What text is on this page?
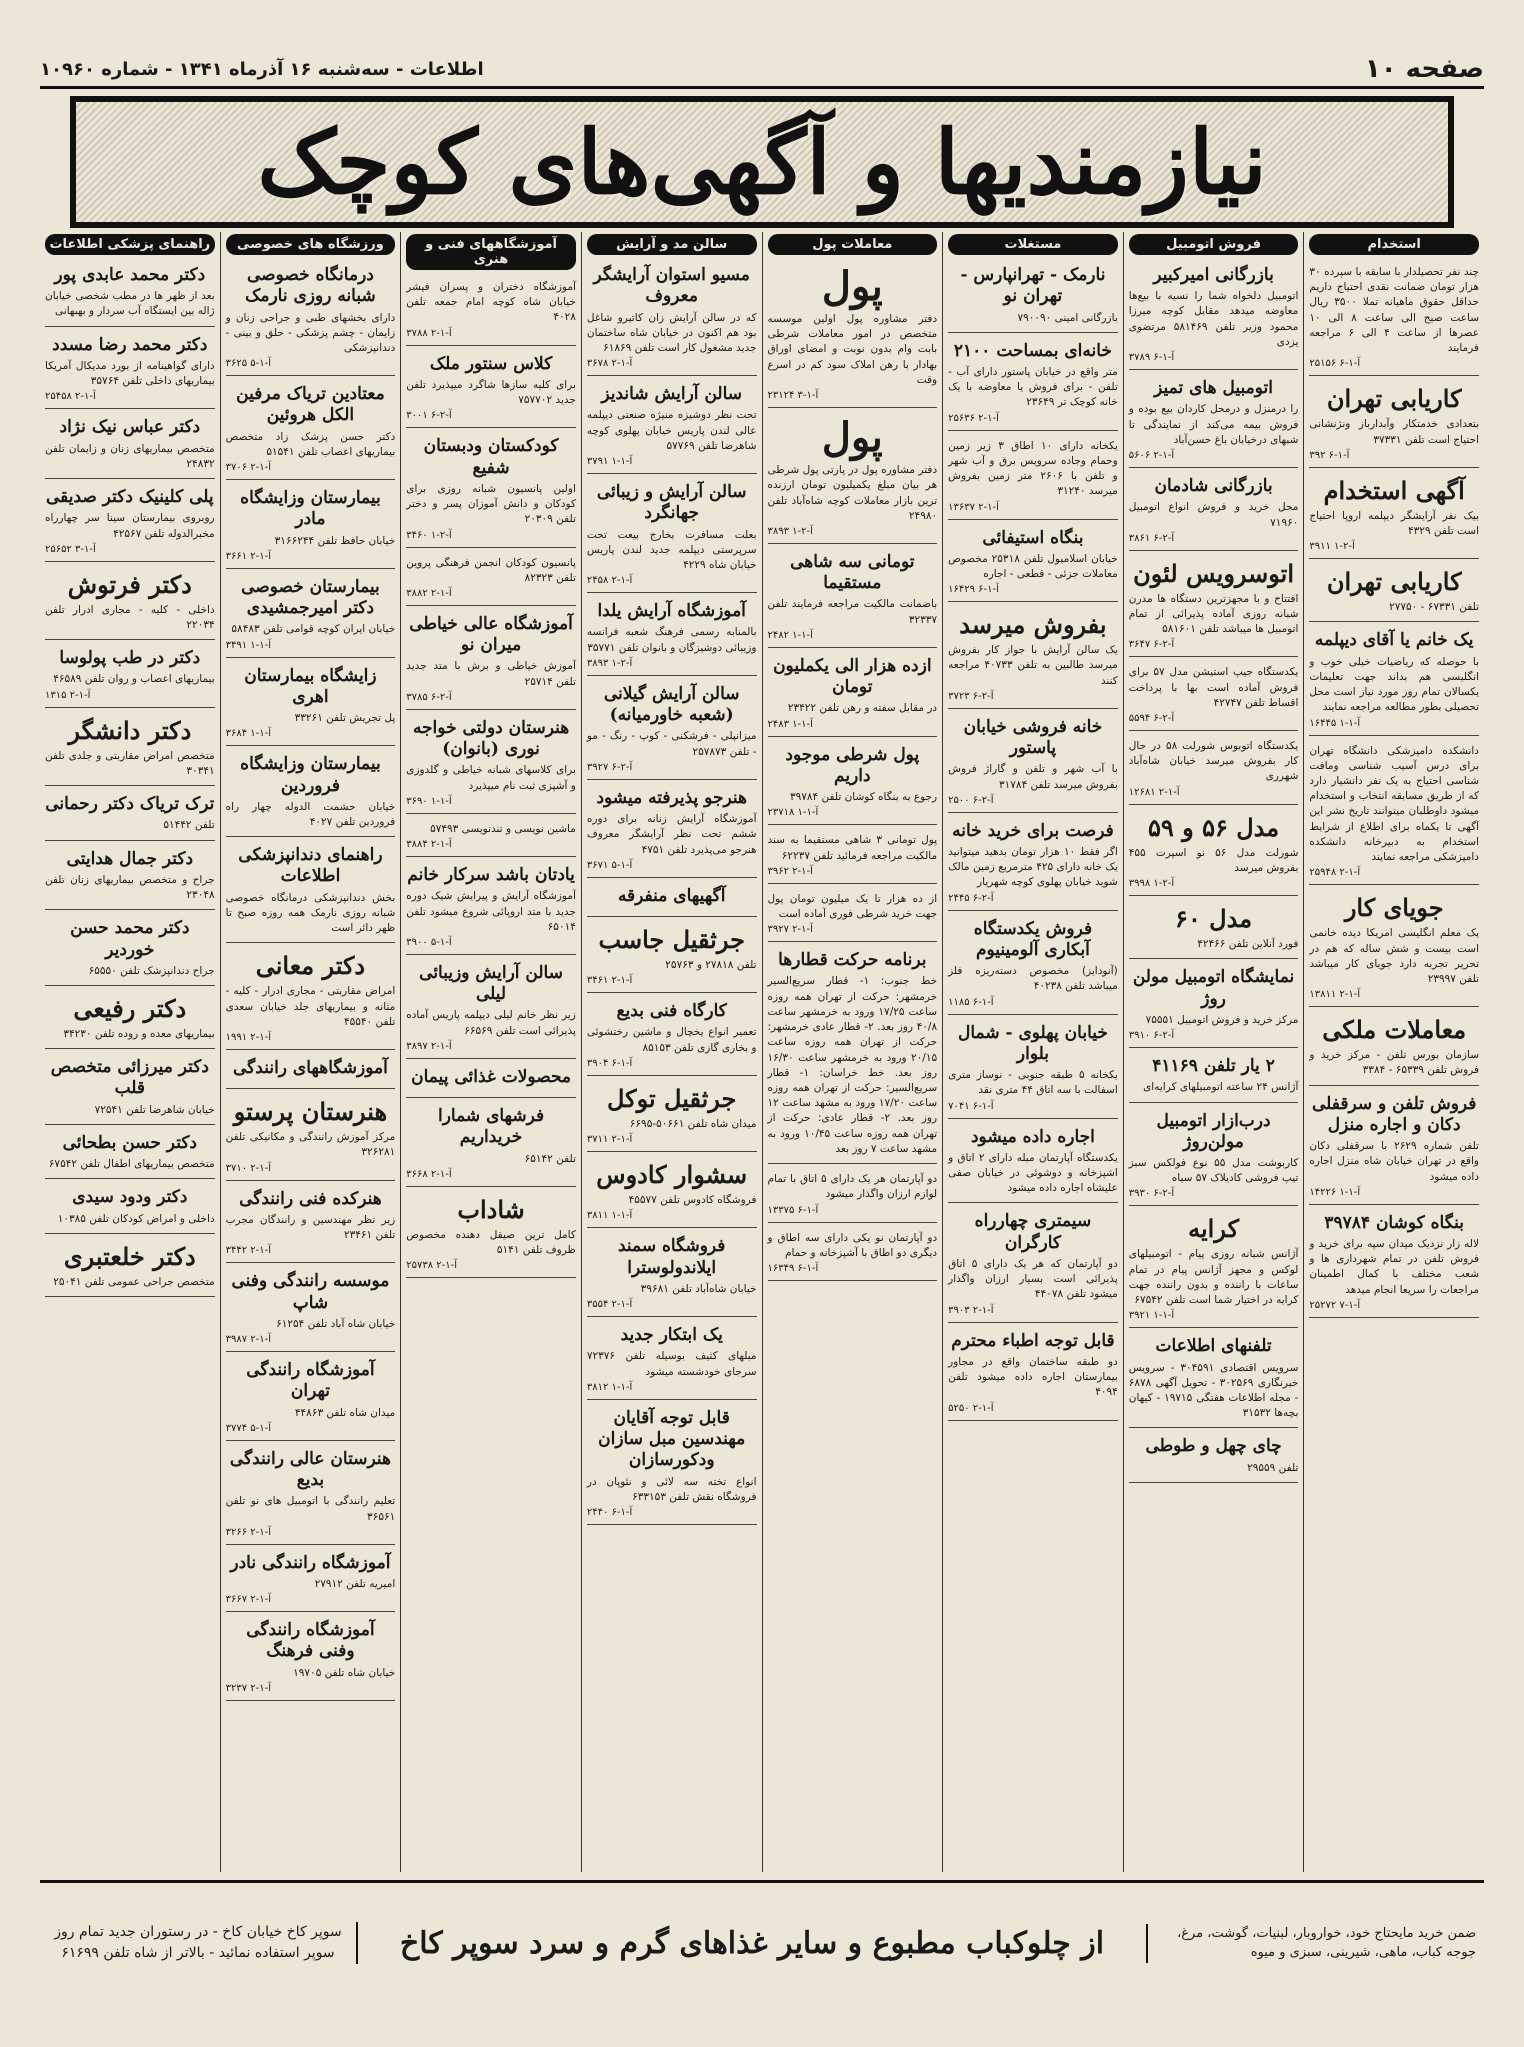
صفحه ۱۰
اطلاعات - سه‌شنبه ۱۶ آذرماه ۱۳۴۱ - شماره ۱۰۹۶۰
نیازمندیها و آگهی‌های کوچک
استخدام
چند نفر تحصیلدار با سابقه با سپرده ۳۰ هزار تومان ضمانت نقدی احتیاج داریم حداقل حقوق ماهیانه تملا ۳۵۰۰ ریال ساعت صبح الی ساعت ۸ الی ۱۰ عصرها از ساعت ۴ الی ۶ مراجعه فرمایند
۲۵۱۵۶ آ-۱-۶
کاریابی تهران
بتعدادی خدمتکار وآبدارباز ونژنشانی احتیاج است تلفن ۳۷۳۳۱
۳۹۲ آ-۱-۶
آگهی استخدام
بیک نفر آرایشگر دیپلمه اروپا احتیاج است تلفن ۴۳۲۹
۳۹۱۱ آ-۲-۱
کاریابی تهران
تلفن ۶۷۳۳۱ - ۲۷۷۵۰
یک خانم یا آقای دیپلمه
با حوصله که ریاضیات خیلی خوب و انگلیسی هم بداند جهت تعلیمات یکسالان تمام روز مورد نیاز است محل تحصیلی بطور مطالعه مراجعه نمایند
۱۶۴۴۵ آ-۱-۱
دانشکده دامپزشکی دانشگاه تهران برای درس آسیب شناسی ومافت شناسی احتیاج به یک نفر دانشیار دارد که از طریق مسابقه انتخاب و استخدام میشود داوطلبان میتوانند تاریخ نشر این آگهی تا یکماه برای اطلاع از شرایط استخدام به دبیرخانه دانشکده دامپزشکی مراجعه نمایند
۲۵۹۴۸ آ-۱-۲
جویای کار
یک معلم انگلیسی امریکا دیده خانمی است بیست و شش ساله که هم در تحریر تجربه دارد جویای کار میباشد تلفن ۲۳۹۹۷
۱۳۸۱۱ آ-۱-۲
معاملات ملکی
سازمان بورس تلفن - مرکز خرید و فروش تلفن ۶۵۳۳۹ - ۳۳۸۴
فروش تلفن و سرقفلی دکان و اجاره منزل
تلفن شماره ۲۶۲۹ با سرقفلی دکان واقع در تهران خیابان شاه منزل اجاره داده میشود
۱۴۲۲۶ آ-۱-۱
بنگاه کوشان ۳۹۷۸۴
لاله زار نزدیک میدان سپه برای خرید و فروش تلفن در تمام شهرداری ها و شعب مختلف با کمال اطمینان مراجعات را سریعا انجام میدهد
۲۵۲۷۲ آ-۱-۷
فروش اتومبیل
بازرگانی امیرکبیر
اتومبیل دلخواه شما را نسیه با بیع‌ها معاوضه میدهد مقابل کوچه میرزا محمود وزیر تلفن ۵۸۱۴۶۹ مرتضوی یزدی
۳۷۸۹ آ-۱-۶
اتومبیل های تمیز
را درمنزل و درمحل کاردان بیع بوده و فروش بیمه می‌کند از نمایندگی تا شبهای درخیابان باغ حسن‌آباد
۵۶۰۶ آ-۱-۲
بازرگانی شادمان
محل خرید و فروش انواع اتومبیل ۷۱۹۶۰
۳۸۶۱ آ-۲-۶
اتوسرویس لئون
افتتاح و با مجهزترین دستگاه ها مدرن شبانه روزی آماده پذیرائی از تمام اتومبیل ها میباشد تلفن ۵۸۱۶۰۱
۳۶۴۷ آ-۲-۶
یکدستگاه جیپ استیشن مدل ۵۷ برای فروش آماده است بها با پرداخت اقساط تلفن ۴۲۷۴۷
۵۵۹۴ آ-۲-۶
یکدستگاه اتوبوس شورلت ۵۸ در حال کار بفروش میرسد خیابان شاه‌آباد شهرری
۱۲۶۸۱ آ-۱-۲
مدل ۵۶ و ۵۹
شورلت مدل ۵۶ نو اسپرت ۴۵۵ بفروش میرسد
۳۹۹۸ آ-۲-۱
مدل ۶۰
فورد آنلاین تلفن ۴۲۴۶۶
نمایشگاه اتومبیل مولن روژ
مرکز خرید و فروش اتومبیل ۷۵۵۵۱
۳۹۱۰ آ-۲-۶
۲ یار تلفن ۴۱۱۶۹
آژانس ۲۴ ساعته اتومبیلهای کرایه‌ای
درب‌ازار اتومبیل مولن‌روژ
کاربوشت مدل ۵۵ نوع فولکس سبز تیپ فروشی کادیلاک ۵۷ سیاه
۳۹۳۰ آ-۲-۶
کرایه
آژانس شبانه روزی پیام - اتومبیلهای لوکس و مجهز آژانس پیام در تمام ساعات با راننده و بدون راننده جهت کرایه در اختیار شما است تلفن ۶۷۵۴۲
۳۹۲۱ آ-۱-۱
تلفنهای اطلاعات
سرویس اقتصادی ۳۰۴۵۹۱ - سرویس خبرنگاری ۳۰۲۵۶۹ - تحویل آگهی ۶۸۷۸ - مجله اطلاعات هفتگی ۱۹۷۱۵ - کیهان بچه‌ها ۳۱۵۳۲
چای چهل و طوطی
تلفن ۲۹۵۵۹
مستغلات
نارمک - تهرانپارس - تهران نو
بازرگانی امینی ۷۹۰۰۹۰
خانه‌ای بمساحت ۲۱۰۰
متر واقع در خیابان پاستور دارای آب - تلفن - برای فروش یا معاوضه با یک خانه کوچک تر ۲۳۶۴۹
۲۵۶۳۶ آ-۱-۲
یکخانه دارای ۱۰ اطاق ۳ زیر زمین وحمام وجاده سرویس برق و آب شهر و تلفن با ۲۶۰۶ متر زمین بفروش میرسد ۳۱۲۴۰
۱۳۶۳۷ آ-۱-۲
بنگاه استیفائی
خیابان اسلامبول تلفن ۲۵۳۱۸ مخصوص معاملات جزئی - قطعی - اجاره
۱۶۴۲۹ آ-۱-۶
بفروش میرسد
یک سالن آرایش با جواز کار بفروش میرسد طالبین به تلفن ۴۰۷۳۳ مراجعه کنند
۳۷۲۳ آ-۲-۶
خانه فروشی خیابان پاستور
با آب شهر و تلفن و گاراژ فروش بفروش میرسد تلفن ۳۱۷۸۴
۲۵۰۰ آ-۲-۶
فرصت برای خرید خانه
اگر فقط ۱۰ هزار تومان بدهید میتوانید یک خانه دارای ۴۲۵ مترمربع زمین مالک شوید خیابان پهلوی کوچه شهریار
۲۴۴۵ آ-۲-۶
فروش یکدستگاه آبکاری آلومینیوم
(آنودایز) مخصوص دسته‌ریزه فلز میباشد تلفن ۴۰۲۳۸
۱۱۸۵ آ-۱-۶
خیابان پهلوی - شمال بلوار
یکخانه ۵ طبقه جنوبی - نوساز متری اسفالت با سه اتاق ۴۴ متری نقد
۷۰۴۱ آ-۱-۶
اجاره داده میشود
یکدستگاه آپارتمان مبله دارای ۲ اتاق و اشپزخانه و دوشوئی در خیابان صفی علیشاه اجاره داده میشود
سیمتری چهارراه کارگران
دو آپارتمان که هر یک دارای ۵ اتاق پذیرائی است بسیار ارزان واگذار میشود تلفن ۴۴۰۷۸
۳۹۰۳ آ-۱-۲
قابل توجه اطباء محترم
دو طبقه ساختمان واقع در مجاور بیمارستان اجاره داده میشود تلفن ۴۰۹۴
۵۲۵۰ آ-۱-۲
معاملات پول
پول
دفتر مشاوره پول اولین موسسه متخصص در امور معاملات شرطی بابت وام بدون نوبت و امضای اوراق بهادار با رهن املاک سود کم در اسرع وقت
۲۳۱۲۴ آ-۱-۳
پول
دفتر مشاوره پول در پارتی پول شرطی هر بیان مبلغ یکمیلیون تومان ارزنده ترین بازار معاملات کوچه شاه‌آباد تلفن ۲۴۹۸۰
۳۸۹۳ آ-۲-۱
تومانی سه شاهی مستقیما
باضمانت مالکیت مراجعه فرمایند تلفن ۳۲۳۳۷
۲۴۸۲ آ-۱-۱
ازده هزار الی یکملیون تومان
در مقابل سفته و رهن تلفن ۲۳۴۲۲
۲۴۸۳ آ-۱-۱
پول شرطی موجود داریم
رجوع به بنگاه کوشان تلفن ۳۹۷۸۴
۲۳۷۱۸ آ-۱-۱
پول تومانی ۳ شاهی مستقیما به سند مالکیت مراجعه فرمائید تلفن ۶۲۲۳۷
۳۹۶۲ آ-۱-۲
از ده هزار تا یک میلیون تومان پول جهت خرید شرطی فوری آماده است
۳۹۲۷ آ-۱-۲
برنامه حرکت قطارها
خط جنوب: ۱- قطار سریع‌السیر خرمشهر: حرکت از تهران همه روزه ساعت ۱۷/۲۵ ورود به خرمشهر ساعت ۴۰/۸ روز بعد. ۲- قطار عادی خرمشهر: حرکت از تهران همه روزه ساعت ۲۰/۱۵ ورود به خرمشهر ساعت ۱۶/۳۰ روز بعد. خط خراسان: ۱- قطار سریع‌السیر: حرکت از تهران همه روزه ساعت ۱۷/۲۰ ورود به مشهد ساعت ۱۲ روز بعد. ۲- قطار عادی: حرکت از تهران همه روزه ساعت ۱۰/۴۵ ورود به مشهد ساعت ۷ روز بعد
دو آپارتمان هر یک دارای ۵ اتاق با تمام لوازم ارزان واگذار میشود
۱۳۳۷۵ آ-۱-۶
دو آپارتمان نو یکی دارای سه اطاق و دیگری دو اطاق با آشپزخانه و حمام
۱۶۳۴۹ آ-۱-۶
سالن مد و آرایش
مسیو استوان آرایشگر معروف
که در سالن آرایش زان کاتیرو شاغل بود هم اکنون در خیابان شاه ساختمان جدید مشغول کار است تلفن ۶۱۸۶۹
۳۶۷۸ آ-۱-۲
سالن آرایش شاندیز
تحت نظر دوشیزه منیژه صنعتی دیپلمه عالی لندن پاریس خیابان پهلوی کوچه شاهرضا تلفن ۵۷۷۶۹
۳۷۹۱ آ-۱-۱
سالن آرایش و زیبائی جهانگرد
بعلت مسافرت بخارج بیعت تحت سرپرستی دیپلمه جدید لندن پاریس خیابان شاه ۴۲۲۹
۲۴۵۸ آ-۱-۲
آموزشگاه آرایش یلدا
بالمنابه رسمی فرهنگ شعبه فرانسه وزیبائی دوشیزگان و بانوان تلفن ۳۵۷۷۱
۳۸۹۳ آ-۲-۱
سالن آرایش گیلانی (شعبه خاورمیانه)
میزانپلی - فرشکنی - کوپ - رنگ - مو - تلفن ۲۵۷۸۷۳
۳۹۲۷ آ-۲-۶
هنرجو پذیرفته میشود
آموزشگاه آرایش زنانه برای دوره ششم تحت نظر آرایشگر معروف هنرجو می‌پذیرد تلفن ۴۷۵۱
۳۶۷۱ آ-۱-۵
آگهیهای منفرقه
جرثقیل جاسب
تلفن ۲۷۸۱۸ و ۲۵۷۶۳
۳۴۶۱ آ-۱-۲
کارگاه فنی بدیع
تعمیر انواع یخچال و ماشین رختشوئی و بخاری گازی تلفن ۸۵۱۵۳
۳۹۰۴ آ-۱-۶
جرثقیل توکل
میدان شاه تلفن ۵۰۶۶۱-۶۶۹۵
۳۷۱۱ آ-۱-۲
سشوار کادوس
فروشگاه کادوس تلفن ۴۵۵۷۷
۳۸۱۱ آ-۱-۱
فروشگاه سمند ایلاندولوسترا
خیابان شاه‌آباد تلفن ۳۹۶۸۱
۳۵۵۴ آ-۱-۲
یک ابتکار جدید
مبلهای کثیف بوسیله تلفن ۷۲۳۷۶ سرجای خودشسته میشود
۳۸۱۲ آ-۱-۱
قابل توجه آقایان مهندسین مبل سازان ودکورسازان
انواع تخته سه لائی و نئوپان در فروشگاه نقش تلفن ۶۳۳۱۵۳
۲۴۴۰ آ-۱-۶
آموزشگاههای فنی و هنری
آموزشگاه دختران و پسران فیشر خیابان شاه کوچه امام جمعه تلفن ۴۰۲۸
۳۷۸۸ آ-۱-۲
کلاس سنتور ملک
برای کلیه سازها شاگرد میپذیرد تلفن جدید ۷۵۷۷۰۲
۳۰۰۱ آ-۲-۶
کودکستان ودبستان شفیع
اولین پانسیون شبانه روزی برای کودکان و دانش آموزان پسر و دختر تلفن ۲۰۳۰۹
۳۴۶۰ آ-۲-۱
پانسیون کودکان انجمن فرهنگی پروین تلفن ۸۲۳۲۳
۳۸۸۲ آ-۱-۲
آموزشگاه عالی خیاطی میران نو
آموزش خیاطی و برش با متد جدید تلفن ۲۵۷۱۴
۳۷۸۵ آ-۲-۶
هنرستان دولتی خواجه نوری (بانوان)
برای کلاسهای شبانه خیاطی و گلدوزی و آشپزی ثبت نام میپذیرد
۳۶۹۰ آ-۱-۱
ماشین نویسی و تندنویسی ۵۷۴۹۳
۳۸۸۴ آ-۱-۲
یادتان باشد سرکار خانم
آموزشگاه آرایش و پیرایش شیک دوره جدید با متد اروپائی شروع میشود تلفن ۶۵۰۱۴
۳۹۰۰ آ-۱-۵
سالن آرایش وزیبائی لیلی
زیر نظر خانم لیلی دیپلمه پاریس آماده پذیرائی است تلفن ۶۶۵۶۹
۳۸۹۷ آ-۱-۲
محصولات غذائی پیمان
فرشهای شمارا خریداریم
تلفن ۶۵۱۴۲
۳۶۶۸ آ-۱-۲
شاداب
کامل ترین صیقل دهنده مخصوص ظروف تلفن ۵۱۴۱
۲۵۷۳۸ آ-۱-۲
ورزشگاه های خصوصی
درمانگاه خصوصی شبانه روزی نارمک
دارای بخشهای طبی و جراحی زنان و زایمان - چشم پزشکی - حلق و بینی - دندانپزشکی
۳۶۲۵ آ-۱-۵
معتادین تریاک مرفین الکل هروئین
دکتر حسن پزشک زاد متخصص بیماریهای اعصاب تلفن ۵۱۵۴۱
۳۷۰۶ آ-۱-۲
بیمارستان وزایشگاه مادر
خیابان حافظ تلفن ۳۱۶۶۲۴۴
۳۶۶۱ آ-۱-۲
بیمارستان خصوصی دکتر امیرجمشیدی
خیابان ایران کوچه قوامی تلفن ۵۸۴۸۳
۳۴۹۱ آ-۱-۱
زایشگاه بیمارستان اهری
پل تجریش تلفن ۳۳۲۶۱
۳۶۸۴ آ-۱-۱
بیمارستان وزایشگاه فروردین
خیابان حشمت الدوله چهار راه فروردین تلفن ۴۰۲۷
راهنمای دندانپزشکی اطلاعات
بخش دندانپزشکی درمانگاه خصوصی شبانه روزی نارمک همه روزه صبح تا ظهر دائر است
دکتر معانی
امراض مقاربتی - مجاری ادرار - کلیه - مثانه و بیماریهای جلد خیابان سعدی تلفن ۴۵۵۴۰
۱۹۹۱ آ-۱-۲
آموزشگاههای رانندگی
هنرستان پرستو
مرکز آموزش رانندگی و مکانیکی تلفن ۳۲۶۲۸۱
۳۷۱۰ آ-۱-۲
هنرکده فنی رانندگی
زیر نظر مهندسین و رانندگان مجرب تلفن ۲۳۴۶۱
۳۴۴۲ آ-۱-۲
موسسه رانندگی وفنی شاپ
خیابان شاه آباد تلفن ۶۱۲۵۴
۳۹۸۷ آ-۱-۲
آموزشگاه رانندگی تهران
میدان شاه تلفن ۴۴۸۶۳
۳۷۷۴ آ-۱-۵
هنرستان عالی رانندگی بدیع
تعلیم رانندگی با اتومبیل های نو تلفن ۳۶۵۶۱
۳۲۶۶ آ-۱-۲
آموزشگاه رانندگی نادر
امیریه تلفن ۲۷۹۱۲
۳۶۶۷ آ-۱-۲
آموزشگاه رانندگی وفنی فرهنگ
خیابان شاه تلفن ۱۹۷۰۵
۳۲۳۷ آ-۱-۲
راهنمای پزشکی اطلاعات
دکتر محمد عابدی پور
بعد از ظهر ها در مطب شخصی خیابان ژاله بین ایستگاه آب سردار و بهبهانی
دکتر محمد رضا مسدد
دارای گواهینامه از بورد مدیکال آمریکا بیماریهای داخلی تلفن ۳۵۷۶۴
۲۵۴۵۸ آ-۱-۲
دکتر عباس نیک نژاد
متخصص بیماریهای زنان و زایمان تلفن ۲۴۸۳۲
پلی کلینیک دکتر صدیقی
روبروی بیمارستان سینا سر چهارراه مخبرالدوله تلفن ۴۲۵۶۷
۲۵۶۵۲ آ-۱-۳
دکتر فرتوش
داخلی - کلیه - مجاری ادرار تلفن ۲۲۰۳۴
دکتر در طب پولوسا
بیماریهای اعصاب و روان تلفن ۴۶۵۸۹
۱۳۱۵ آ-۱-۲
دکتر دانشگر
متخصص امراض مقاربتی و جلدی تلفن ۳۰۳۴۱
ترک تریاک دکتر رحمانی
تلفن ۵۱۴۴۲
دکتر جمال هدایتی
جراح و متخصص بیماریهای زنان تلفن ۲۳۰۴۸
دکتر محمد حسن خوردیر
جراح دندانپزشک تلفن ۶۵۵۵۰
دکتر رفیعی
بیماریهای معده و روده تلفن ۳۴۲۳۰
دکتر میرزائی متخصص قلب
خیابان شاهرضا تلفن ۷۲۵۴۱
دکتر حسن بطحائی
متخصص بیماریهای اطفال تلفن ۶۷۵۴۲
دکتر ودود سیدی
داخلی و امراض کودکان تلفن ۱۰۳۸۵
دکتر خلعتبری
متخصص جراحی عمومی تلفن ۲۵۰۴۱
ضمن خرید مایحتاج خود، خواروبار، لبنیات، گوشت، مرغ، جوجه کباب، ماهی، شیرینی، سبزی و میوه
از چلوکباب مطبوع و سایر غذاهای گرم و سرد سوپر کاخ
سوپر کاخ خیابان کاخ - در رستوران جدید تمام روز سوپر استفاده نمائید - بالاتر از شاه تلفن ۶۱۶۹۹
